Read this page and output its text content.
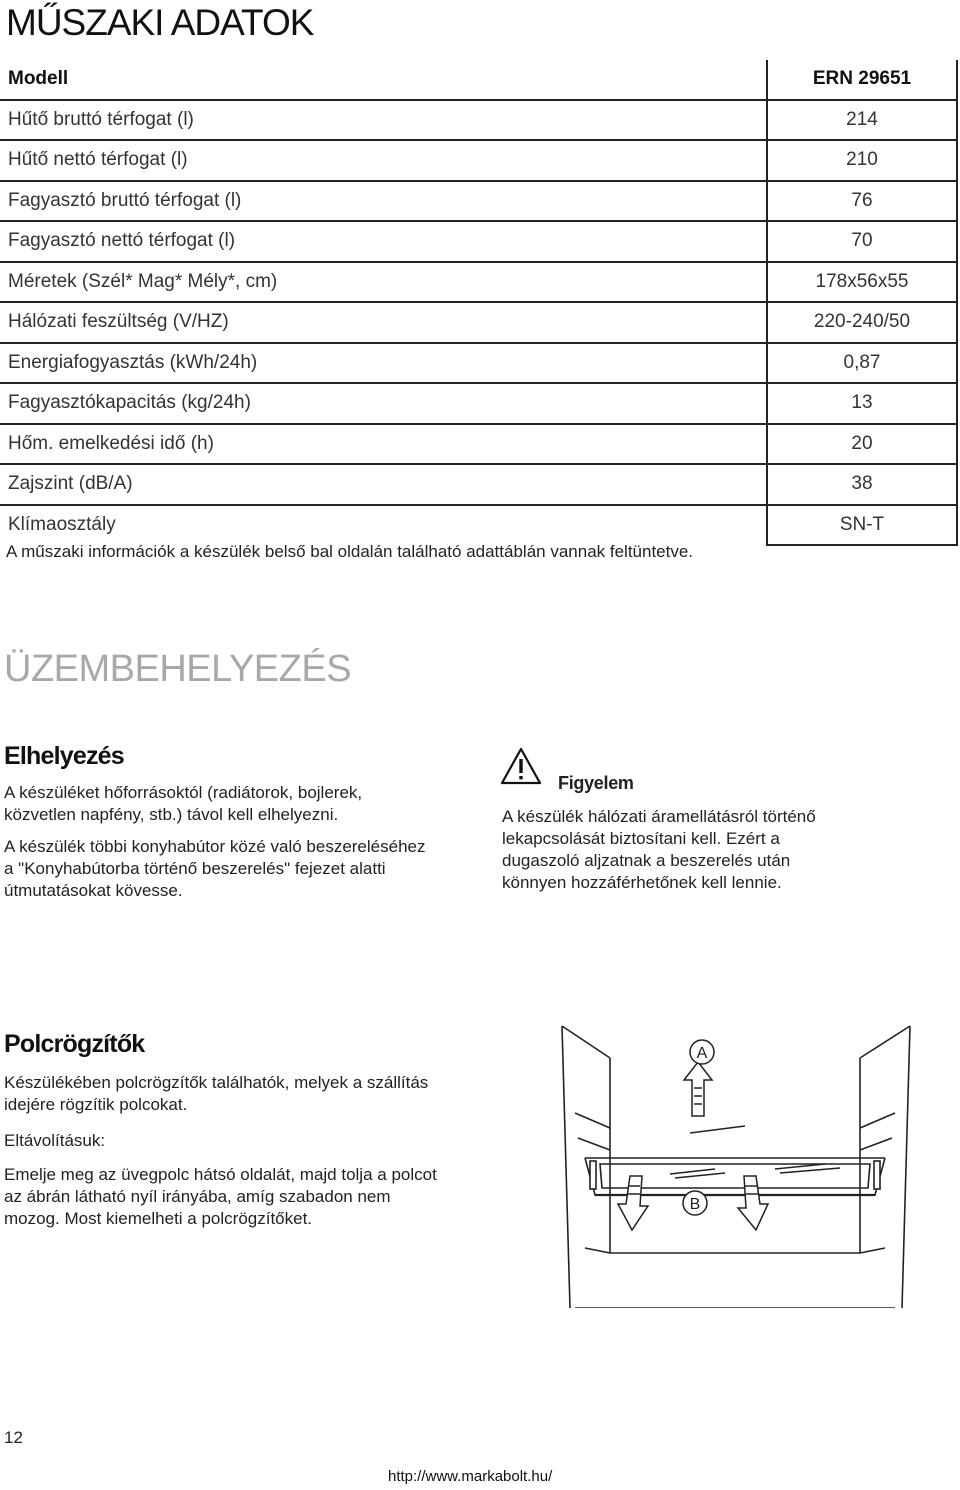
MŰSZAKI ADATOK
Modell	ERN 29651
Hűtő bruttó térfogat (l)	214
Hűtő nettó térfogat (l)	210
Fagyasztó bruttó térfogat (l)	76
Fagyasztó nettó térfogat (l)	70
Méretek (Szél* Mag* Mély*, cm)	178x56x55
Hálózati feszültség (V/HZ)	220-240/50
Energiafogyasztás (kWh/24h)	0,87
Fagyasztókapacitás (kg/24h)	13
Hőm. emelkedési idő (h)	20
Zajszint (dB/A)	38
Klímaosztály	SN-T
A műszaki információk a készülék belső bal oldalán található adattáblán vannak feltüntetve.
ÜZEMBEHELYEZÉS
Elhelyezés
A készüléket hőforrásoktól (radiátorok, bojlerek, közvetlen napfény, stb.) távol kell elhelyezni.
A készülék többi konyhabútor közé való beszereléséhez a "Konyhabútorba történő beszerelés" fejezet alatti útmutatásokat kövesse.
Figyelem
A készülék hálózati áramellátásról történő lekapcsolását biztosítani kell. Ezért a dugaszoló aljzatnak a beszerelés után könnyen hozzáférhetőnek kell lennie.
Polcrögzítők
Készülékében polcrögzítők találhatók, melyek a szállítás idejére rögzítik polcokat.
Eltávolításuk:
Emelje meg az üvegpolc hátsó oldalát, majd tolja a polcot az ábrán látható nyíl irányába, amíg szabadon nem mozog. Most kiemelheti a polcrögzítőket.
A
B
12
http://www.markabolt.hu/
